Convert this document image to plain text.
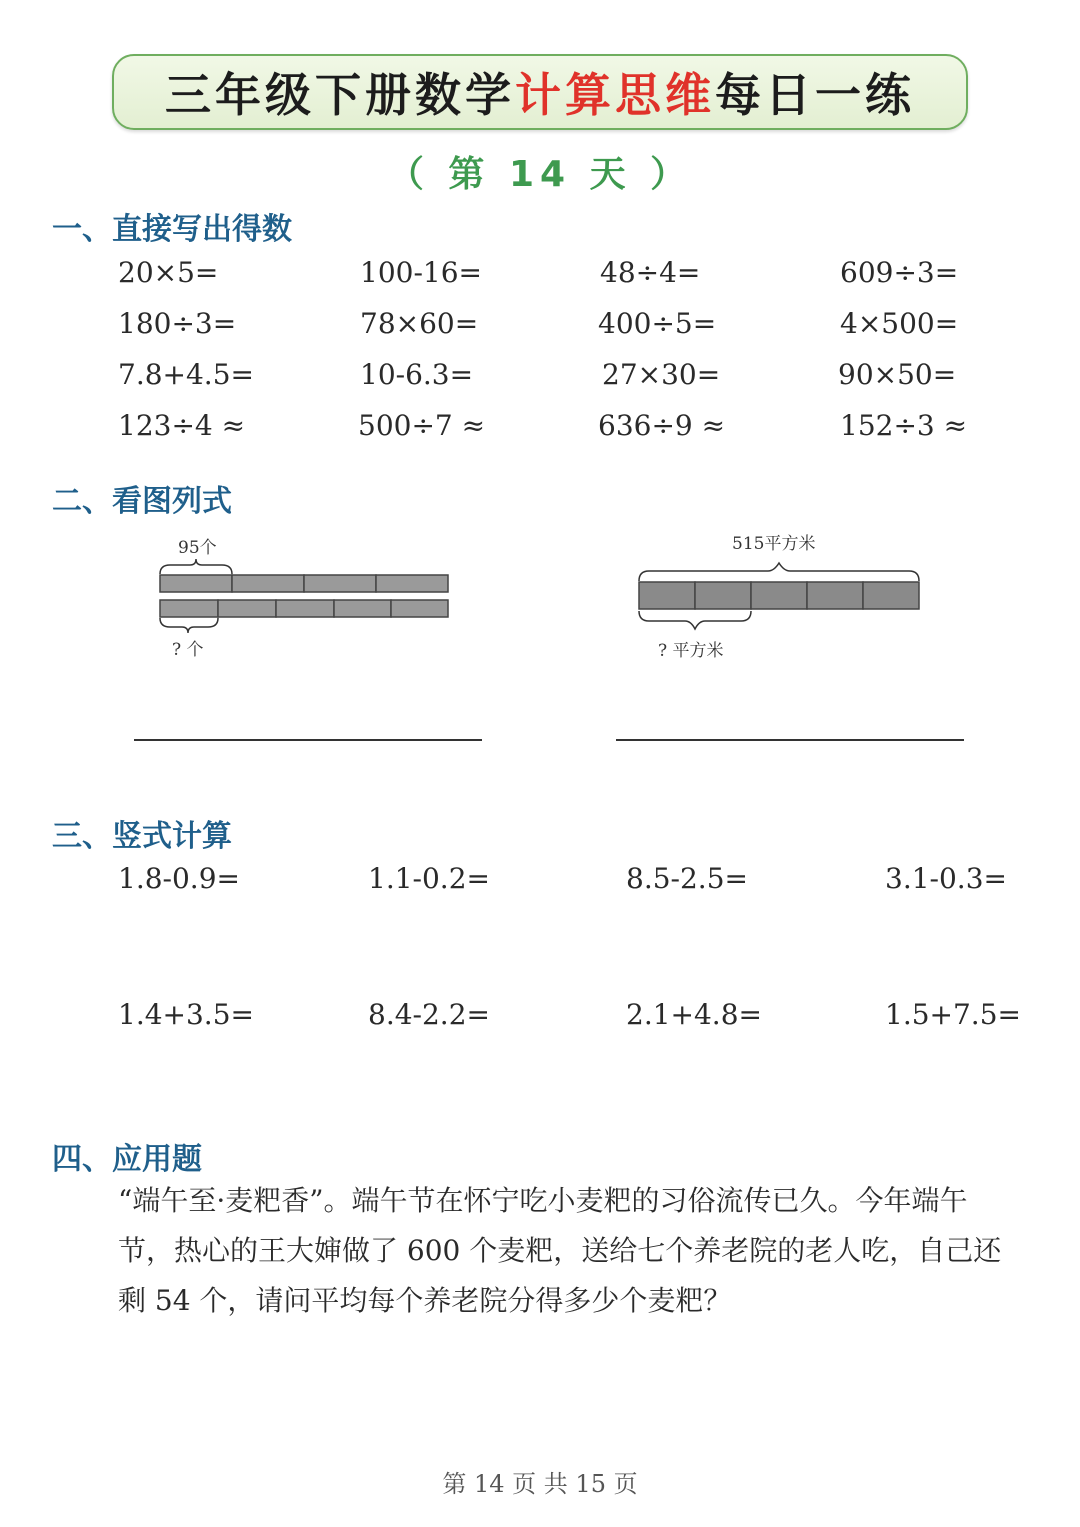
三年级下册数学 计算思维 每日一练
（ 第 14 天 ）
一、直接写出得数
20×5=	100-16=	48÷4=	609÷3=
180÷3=	78×60=	400÷5=	4×500=
7.8+4.5=	10-6.3=	27×30=	90×50=
123÷4 ≈	500÷7 ≈	636÷9 ≈	152÷3 ≈
二、看图列式
95个
? 个
515平方米
? 平方米
三、竖式计算
1.8-0.9=	1.1-0.2=	8.5-2.5=	3.1-0.3=
1.4+3.5=	8.4-2.2=	2.1+4.8=	1.5+7.5=
四、应用题
“端午至·麦粑香”。端午节在怀宁吃小麦粑的习俗流传已久。今年端午
节，热心的王大婶做了 600 个麦粑，送给七个养老院的老人吃，自己还
剩 54 个，请问平均每个养老院分得多少个麦粑？
第 14 页 共 15 页
